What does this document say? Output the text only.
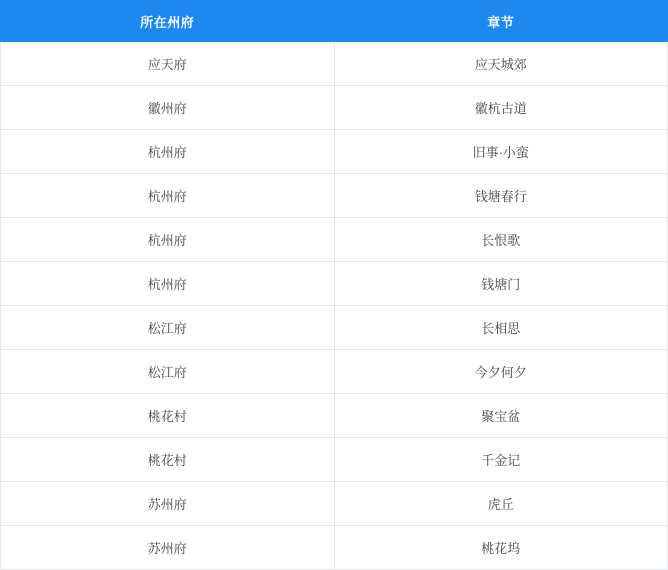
所在州府	章节
应天府	应天城郊
徽州府	徽杭古道
杭州府	旧事·小蛮
杭州府	钱塘春行
杭州府	长恨歌
杭州府	钱塘门
松江府	长相思
松江府	今夕何夕
桃花村	聚宝盆
桃花村	千金记
苏州府	虎丘
苏州府	桃花坞
